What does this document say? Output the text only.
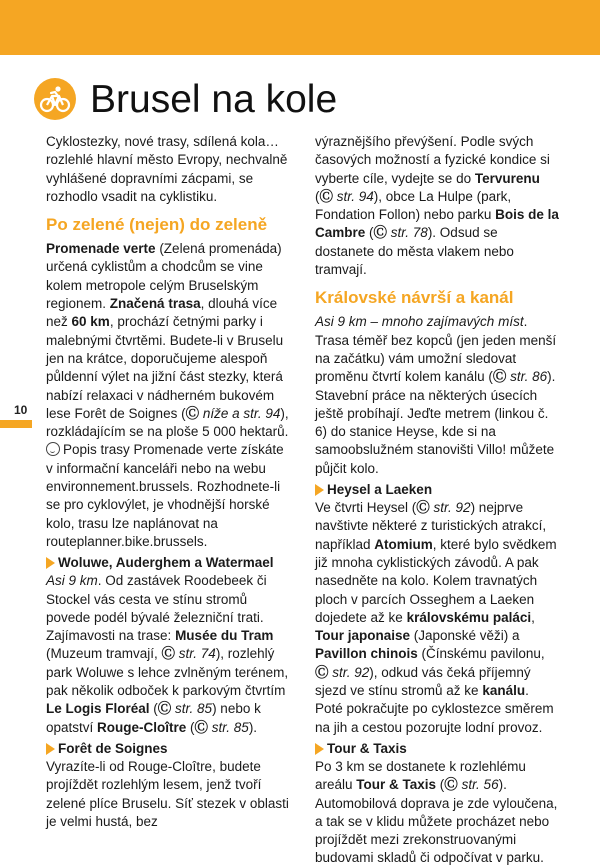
Brusel na kole
10

Cyklostezky, nové trasy, sdílená kola… rozlehlé hlavní město Evropy, nechvalně vyhlášené dopravními zácpami, se rozhodlo vsadit na cyklistiku.

Po zelené (nejen) do zeleně

Promenade verte (Zelená promenáda) určená cyklistům a chodcům se vine kolem metropole celým Bruselským regionem. Značená trasa, dlouhá více než 60 km, prochází četnými parky i malebnými čtvrtěmi. Budete-li v Bruselu jen na krátce, doporučujeme alespoň půldenní výlet na jižní část stezky, která nabízí relaxaci v nádherném bukovém lese Forêt de Soignes (Ⓒ níže a str. 94), rozkládajícím se na ploše 5 000 hektarů.

Popis trasy Promenade verte získáte v informační kanceláři nebo na webu environnement.brussels. Rozhodnete-li se pro cyklovýlet, je vhodnější horské kolo, trasu lze naplánovat na routeplanner.bike.brussels.

Woluwe, Auderghem a Watermael

Asi 9 km. Od zastávek Roodebeek či Stockel vás cesta ve stínu stromů povede podél bývalé železniční trati. Zajímavosti na trase: Musée du Tram (Muzeum tramvají, Ⓒ str. 74), rozlehlý park Woluwe s lehce zvlněným terénem, pak několik odboček k parkovým čtvrtím Le Logis Floréal (Ⓒ str. 85) nebo k opatství Rouge-Cloître (Ⓒ str. 85).

Forêt de Soignes

Vyrazíte-li od Rouge-Cloître, budete projíždět rozlehlým lesem, jenž tvoří zelené plíce Bruselu. Síť stezek v oblasti je velmi hustá, bez

výraznějšího převýšení. Podle svých časových možností a fyzické kondice si vyberte cíle, vydejte se do Tervurenu (Ⓒ str. 94), obce La Hulpe (park, Fondation Follon) nebo parku Bois de la Cambre (Ⓒ str. 78). Odsud se dostanete do města vlakem nebo tramvají.

Královské návrší a kanál

Asi 9 km – mnoho zajímavých míst. Trasa téměř bez kopců (jen jeden menší na začátku) vám umožní sledovat proměnu čtvrtí kolem kanálu (Ⓒ str. 86). Stavební práce na některých úsecích ještě probíhají. Jeďte metrem (linkou č. 6) do stanice Heyse, kde si na samoobslužném stanovišti Villo! můžete půjčit kolo.

Heysel a Laeken

Ve čtvrti Heysel (Ⓒ str. 92) nejprve navštivte některé z turistických atrakcí, například Atomium, které bylo svědkem již mnoha cyklistických závodů. A pak nasedněte na kolo. Kolem travnatých ploch v parcích Osseghem a Laeken dojedete až ke královskému paláci, Tour japonaise (Japonské věži) a Pavillon chinois (Čínskému pavilonu, Ⓒ str. 92), odkud vás čeká příjemný sjezd ve stínu stromů až ke kanálu. Poté pokračujte po cyklostezce směrem na jih a cestou pozorujte lodní provoz.

Tour & Taxis

Po 3 km se dostanete k rozlehlému areálu Tour & Taxis (Ⓒ str. 56). Automobilová doprava je zde vyloučena, a tak se v klidu můžete procházet nebo projíždět mezi zrekonstruovanými budovami skladů či odpočívat v parku.
